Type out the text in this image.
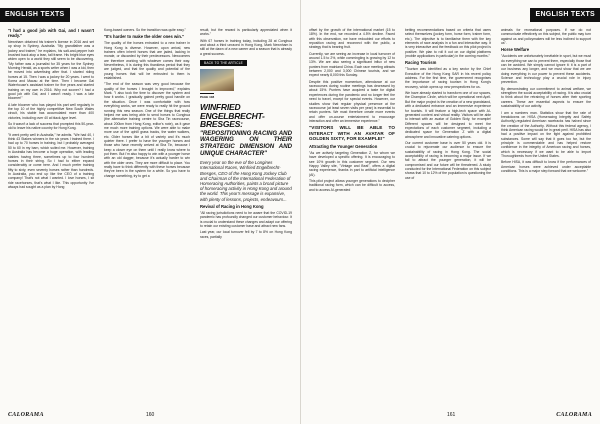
ENGLISH TEXTS

"I had a good job with Gai, and I wasn't ready."

Newnham obtained his trainer's license in 2016 and set up shop in Sydney, Australia. "My grandfather was a jockey and trainer," he explains, his salt-and-pepper hair brushed back atop a lean, tall frame. His bright blue eyes widen open to a world they still seem to be discovering. "My father was a journalist for 35 years for the Sydney Morning Herald, as a sports writer when I was a kid, then he moved into advertising after that. I started riding horses at 15. Then I was a jockey for 20 years. I went to Korea and Macau at the time. Then I became Gai Waterhouse's assistant trainer for five years and started training on my own in 2016. Why not sooner? I had a good job with Gai, and I wasn't ready. I was a late bloomer!"

A late bloomer who has played his part well regularly in the top 10 of the highly competitive New South Wales circuit, his stable has accumulated more than 400 victories, including over 40 at black-type level.

So it wasn't a lack of success that prompted this 50-year-old to leave his native country for Hong Kong.

"It went pretty well in Australia," he admits. "We had 40, I think 43 Stakes winners in the six years I trained there. I had up to 70 horses in training, but I probably averaged 50 to 60 in my barn, which suited me. However, training in Australia has become a huge operation, with leading stables having three, sometimes up to four hundred horses in their string. So I had to either expand considerably or come here. And I much prefer training fifty to sixty, even seventy horses rather than hundreds. In Australia, you end up like the CEO of a training company! That's not what I wanted. I love horses, I sit ride racehorses, that's what I like. This opportunity I've always had sought as a plan by Hong

Kong-based owners. So the transition was quite easy."

"It's harder to make the older ones win."

The quality of the horses entrusted to a new trainer in Hong Kong is diverse. However, upon arrival, new trainers often inherit horses that are jaded, lacking in morale, or discarded by their predecessors. Newcomers are therefore working with whatever comes their way. Nevertheless, it is during this thankless period that they are judged, and that the quality and potential of the young horses that will be entrusted to them is established.

"The end of the season was very good because the quality of the horses I brought in improved," explains Mark. "I also took the time to discover the system and how it works. I gradually gained pretty good handle on the situation. Once I was comfortable with how everything works, we were ready to really hit the ground running this new season. One of the things that really helped me was being able to send horses to Conghua (the alternative training centre to Sha Tin racecourse, about 200km from Hong Kong, editor's note), as it gave me much more training options. We were able to make more use of the uphill grass tracks, the water walkers, etc. Older horses like a bit of variety and it's much quieter there. I prefer to have the younger horses and those who have recently arrived at Sha Tin, because I keep a closer eye on them until I really know where to put them. But I'm also happy to win with a younger horse with an old dagger, because it's actually harder to win with the older ones. They are more difficult to place. You really have to think differently with these horses because they've been in the system for a while. So you have to change something, try to get a

result, but the reward is particularly appreciated when it works."

With 67 horses in training today, including 28 at Conghua and about a third unraced in Hong Kong, Mark Newnham is still at the dawn of a new career and a season that is already a great success.

BACK TO THE ARTICLE
PAGE 108
WINFRIED ENGELBRECHT-BRESGES:
"REPOSITIONING RACING AND WAGERING ON THEIR STRATEGIC DIMENSION AND UNIQUE CHARACTER"

Every year on the eve of the Longines International Races, Winfried Engelbrecht-Bresges, CEO of the Hong Kong Jockey Club and Chairman of the International Federation of Horseracing Authorities, paints a broad picture of horseracing activity in Hong Kong and around the world. This year's message is expansive, with plenty of lessons, projects, endeavours...

Revival of Racing in Hong Kong

"All racing jurisdictions need to be aware that the COVID-19 pandemic has profoundly changed our customer behaviour. It is crucial to understand these changes and adapt our offering to retain our existing customer base and attract new fans.

Last year, our local turnover fell by 7 to 8% on Hong Kong races, partially

CALORAMA	160
ENGLISH TEXTS

offset by the growth of the international market (15 to 18%). In the end, we recorded a 4.5% decline. Faced with this observation, we have redoubled our efforts to reposition racing and reconnect with the public, a strategy that is bearing fruit.

Currently, we are seeing an increase in local turnover of around 1.5 to 2%, while commingling is growing by 12 to 13%. We are also seeing a significant influx of new punters from mainland China. Each race meeting attracts between 2,000 and 3,000 Chinese tourists, and we expect nearly 8,000 this Sunday.

Despite this positive momentum, attendance at our racecourses during routine meetings has decreased by about 15%. Punters have acquired a taste for digital experiences during the pandemic and no longer feel the need to travel, except for special events. However, our studies show that regular physical presence at the racecourse (at least seven visits per year) is essential to retain punters. We must therefore create more events and offer on-course entertainment to encourage interaction and offer an immersive experience."

"VISITORS WILL BE ABLE TO INTERACT WITH AN AVATAR OF GOLDEN SIXTY, FOR EXAMPLE!"

Attracting the Younger Generation

"As we actively targeting Generation Z, for whom we have developed a specific offering. It is encouraging to see 10% growth in this customer segment. Our new Happy Valley site, "Vintage and Beat", offers a digital racing experience, thanks in part to artificial intelligence (AI).

This pilot project allows younger generations to decipher traditional racing form, which can be difficult to access, and to access AI-generated

betting recommendations based on criteria that users select themselves (jockey form, horse form, trainer form, etc.). The objective is to familiarise them with the key elements of race analysis in a fun and interactive way. It is very interactive and the feedback on this pilot project is positive. We plan to roll it out on our digital platforms (mobile applications in particular) in the coming months."

Racing Tourism

"Tourism was identified as a key sector by the Chief Executive of the Hong Kong SAR in his recent policy address. For the first time, the government recognises the importance of racing tourism in Hong Kong's recovery, which opens up new perspectives for us.

We have already started to transform one of our spaces, the Champion Circle, which will be operational next April. But the major project is the creation of a new grandstand, with a dedicated entrance and an immersive experience for tourists. It will feature a high-tech space with AI-generated content and virtual reality. Visitors will be able to interact with an avatar of Golden Sixty, for example! Different spaces will be designed to meet the expectations of each customer segment, including a dedicated space for Generation Z with a digital atmosphere and innovative catering options.

Our current customer base is over 50 years old. It is crucial to rejuvenate our audience to ensure the sustainability of racing in Hong Kong. The social acceptability of racing is becoming a major issue. If we fail to attract the younger generation, it will be compromised and our future will be threatened. A study conducted for the International Federation on this subject shows that 10 to 12% of the population is questioning the use of

animals for recreational purposes. If we do not communicate effectively on this subject, the public may turn against us and policymakers will be less inclined to support us".

Horse Welfare

"Accidents are unfortunately inevitable in sport, but we must do everything we can to prevent them, especially those that can be avoided. We simply cannot ignore it: it is a part of our business any longer, and we must show that we are doing everything in our power to prevent these accidents. Science and technology play a crucial role in injury prevention.

By demonstrating our commitment to animal welfare, we strengthen the social acceptability of racing. It is also crucial to think about the retraining of horses after their sporting careers. These are essential aspects to ensure the sustainability of our activity.

I am a numbers man. Statistics show that the rate of breakdowns on HISA (Horseracing Integrity and Safety Authority)-regulated American racetracks has halved since the creation of the Authority. Without this federal agency, I think American racing would be in great peril. HISA has also had a positive impact on the fight against prohibited substances. Some will say that it goes too far, but the principle is commendable and has helped restore confidence in the integrity of American racing and horses, which is necessary if we want to be able to import Thoroughbreds from the United States.

Before HISA, it was difficult to know if the performances of American horses were achieved under acceptable conditions. This is a major step forward that we welcome."

161	CALORAMA
